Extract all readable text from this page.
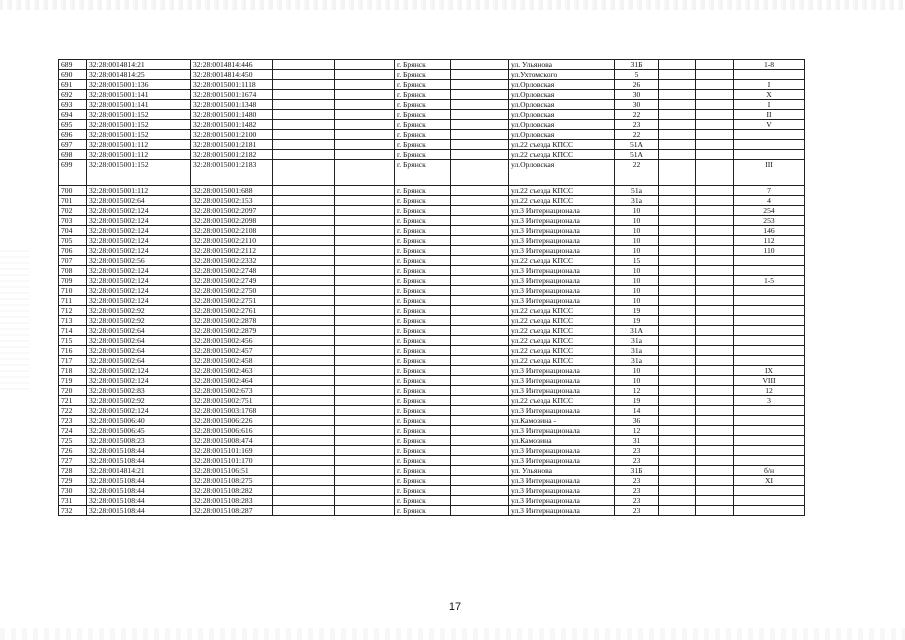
689	32:28:0014814:21	32:28:0014814:446			г. Брянск		ул. Ульянова	31Б			1-8
690	32:28:0014814:25	32:28:0014814:450			г. Брянск		ул.Ухтомского	5			
691	32:28:0015001:136	32:28:0015001:1118			г. Брянск		ул.Орловская	26			I
692	32:28:0015001:141	32:28:0015001:1674			г. Брянск		ул.Орловская	30			X
693	32:28:0015001:141	32:28:0015001:1348			г. Брянск		ул.Орловская	30			I
694	32:28:0015001:152	32:28:0015001:1480			г. Брянск		ул.Орловская	22			II
695	32:28:0015001:152	32:28:0015001:1482			г. Брянск		ул.Орловская	23			V
696	32:28:0015001:152	32:28:0015001:2100			г. Брянск		ул.Орловская	22			
697	32:28:0015001:112	32:28:0015001:2181			г. Брянск		ул.22 съезда КПСС	51А			
698	32:28:0015001:112	32:28:0015001:2182			г. Брянск		ул.22 съезда КПСС	51А			
699	32:28:0015001:152	32:28:0015001:2183			г. Брянск		ул.Орловская	22			III
700	32:28:0015001:112	32:28:0015001:688			г. Брянск		ул.22 съезда КПСС	51а			7
701	32:28:0015002:64	32:28:0015002:153			г. Брянск		ул.22 съезда КПСС	31а			4
702	32:28:0015002:124	32:28:0015002:2097			г. Брянск		ул.3 Интернационала	10			254
703	32:28:0015002:124	32:28:0015002:2098			г. Брянск		ул.3 Интернационала	10			253
704	32:28:0015002:124	32:28:0015002:2108			г. Брянск		ул.3 Интернационала	10			146
705	32:28:0015002:124	32:28:0015002:2110			г. Брянск		ул.3 Интернационала	10			112
706	32:28:0015002:124	32:28:0015002:2112			г. Брянск		ул.3 Интернационала	10			110
707	32:28:0015002:56	32:28:0015002:2332			г. Брянск		ул.22 съезда КПСС	15			
708	32:28:0015002:124	32:28:0015002:2748			г. Брянск		ул.3 Интернационала	10			
709	32:28:0015002:124	32:28:0015002:2749			г. Брянск		ул.3 Интернационала	10			1-5
710	32:28:0015002:124	32:28:0015002:2750			г. Брянск		ул.3 Интернационала	10			
711	32:28:0015002:124	32:28:0015002:2751			г. Брянск		ул.3 Интернационала	10			
712	32:28:0015002:92	32:28:0015002:2761			г. Брянск		ул.22 съезда КПСС	19			
713	32:28:0015002:92	32:28:0015002:2878			г. Брянск		ул.22 съезда КПСС	19			
714	32:28:0015002:64	32:28:0015002:2879			г. Брянск		ул.22 съезда КПСС	31А			
715	32:28:0015002:64	32:28:0015002:456			г. Брянск		ул.22 съезда КПСС	31а			
716	32:28:0015002:64	32:28:0015002:457			г. Брянск		ул.22 съезда КПСС	31а			
717	32:28:0015002:64	32:28:0015002:458			г. Брянск		ул.22 съезда КПСС	31а			
718	32:28:0015002:124	32:28:0015002:463			г. Брянск		ул.3 Интернационала	10			IX
719	32:28:0015002:124	32:28:0015002:464			г. Брянск		ул.3 Интернационала	10			VIII
720	32:28:0015002:83	32:28:0015002:673			г. Брянск		ул.3 Интернационала	12			12
721	32:28:0015002:92	32:28:0015002:751			г. Брянск		ул.22 съезда КПСС	19			3
722	32:28:0015002:124	32:28:0015003:1768			г. Брянск		ул.3 Интернационала	14			
723	32:28:0015006:40	32:28:0015006:226			г. Брянск		ул.Камозина -	36			
724	32:28:0015006:45	32:28:0015006:616			г. Брянск		ул.3 Интернационала	12			
725	32:28:0015008:23	32:28:0015008:474			г. Брянск		ул.Камозина	31			
726	32:28:0015108:44	32:28:0015101:169			г. Брянск		ул.3 Интернационала	23			
727	32:28:0015108:44	32:28:0015101:170			г. Брянск		ул.3 Интернационала	23			
728	32:28:0014814:21	32:28:0015106:51			г. Брянск		ул. Ульянова	31Б			б/н
729	32:28:0015108:44	32:28:0015108:275			г. Брянск		ул.3 Интернационала	23			XI
730	32:28:0015108:44	32:28:0015108:282			г. Брянск		ул.3 Интернационала	23			
731	32:28:0015108:44	32:28:0015108:283			г. Брянск		ул.3 Интернационала	23			
732	32:28:0015108:44	32:28:0015108:287			г. Брянск		ул.3 Интернационала	23			
17
